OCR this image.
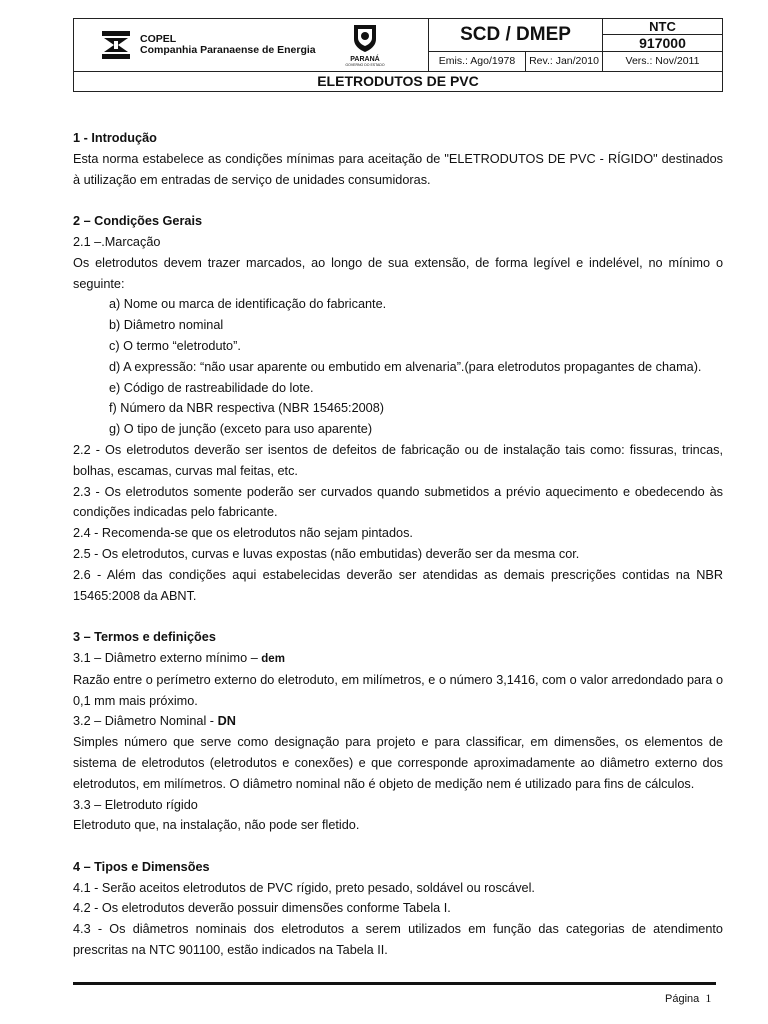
COPEL
Companhia Paranaense de Energia
PARANÁ
GOVERNO DO ESTADO
SCD / DMEP	NTC
917000
Emis.: Ago/1978	Rev.: Jan/2010	Vers.: Nov/2011
ELETRODUTOS DE PVC

1 - Introdução

Esta norma estabelece as condições mínimas para aceitação de "ELETRODUTOS DE PVC - RÍGIDO" destinados à utilização em entradas de serviço de unidades consumidoras.

2 – Condições Gerais

2.1 –.Marcação

Os eletrodutos devem trazer marcados, ao longo de sua extensão, de forma legível e indelével, no mínimo o seguinte:

a) Nome ou marca de identificação do fabricante.

b) Diâmetro nominal

c) O termo “eletroduto”.

d) A expressão: “não usar aparente ou embutido em alvenaria”.(para eletrodutos propagantes de chama).

e) Código de rastreabilidade do lote.

f) Número da NBR respectiva (NBR 15465:2008)

g) O tipo de junção (exceto para uso aparente)

2.2 - Os eletrodutos deverão ser isentos de defeitos de fabricação ou de instalação tais como: fissuras, trincas, bolhas, escamas, curvas mal feitas, etc.

2.3 - Os eletrodutos somente poderão ser curvados quando submetidos a prévio aquecimento e obedecendo às condições indicadas pelo fabricante.

2.4 - Recomenda-se que os eletrodutos não sejam pintados.

2.5 - Os eletrodutos, curvas e luvas expostas (não embutidas) deverão ser da mesma cor.

2.6 - Além das condições aqui estabelecidas deverão ser atendidas as demais prescrições contidas na NBR 15465:2008 da ABNT.

3 – Termos e definições

3.1 – Diâmetro externo mínimo – dem

Razão entre o perímetro externo do eletroduto, em milímetros, e o número 3,1416, com o valor arredondado para o 0,1 mm mais próximo.

3.2 – Diâmetro Nominal - DN

Simples número que serve como designação para projeto e para classificar, em dimensões, os elementos de sistema de eletrodutos (eletrodutos e conexões) e que corresponde aproximadamente ao diâmetro externo dos eletrodutos, em milímetros. O diâmetro nominal não é objeto de medição nem é utilizado para fins de cálculos.

3.3 – Eletroduto rígido

Eletroduto que, na instalação, não pode ser fletido.

4 – Tipos e Dimensões

4.1 - Serão aceitos eletrodutos de PVC rígido, preto pesado, soldável ou roscável.

4.2 - Os eletrodutos deverão possuir dimensões conforme Tabela I.

4.3 - Os diâmetros nominais dos eletrodutos a serem utilizados em função das categorias de atendimento prescritas na NTC 901100, estão indicados na Tabela II.

Página 1
